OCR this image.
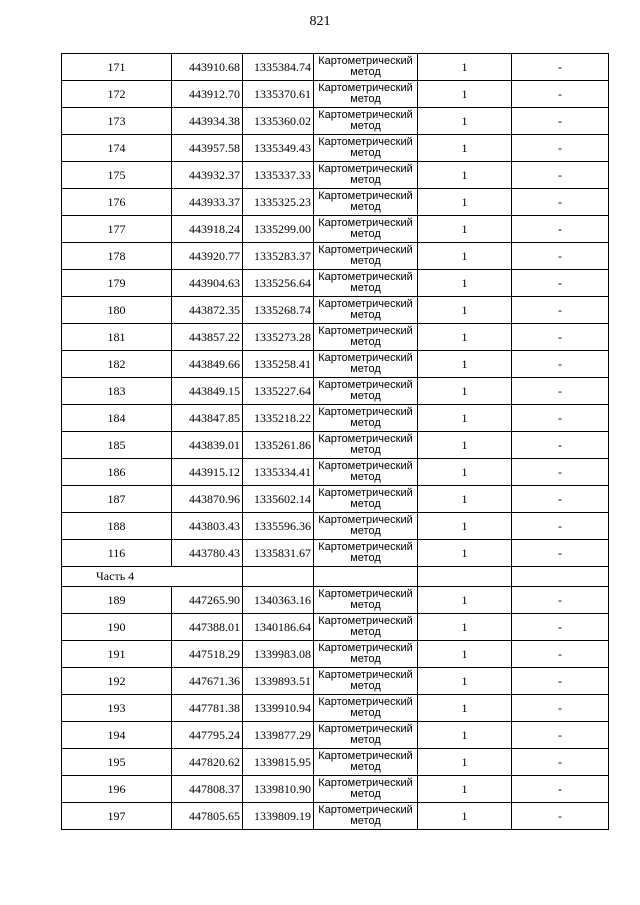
821
171	443910.68	1335384.74	Картометрический метод	1	-
172	443912.70	1335370.61	Картометрический метод	1	-
173	443934.38	1335360.02	Картометрический метод	1	-
174	443957.58	1335349.43	Картометрический метод	1	-
175	443932.37	1335337.33	Картометрический метод	1	-
176	443933.37	1335325.23	Картометрический метод	1	-
177	443918.24	1335299.00	Картометрический метод	1	-
178	443920.77	1335283.37	Картометрический метод	1	-
179	443904.63	1335256.64	Картометрический метод	1	-
180	443872.35	1335268.74	Картометрический метод	1	-
181	443857.22	1335273.28	Картометрический метод	1	-
182	443849.66	1335258.41	Картометрический метод	1	-
183	443849.15	1335227.64	Картометрический метод	1	-
184	443847.85	1335218.22	Картометрический метод	1	-
185	443839.01	1335261.86	Картометрический метод	1	-
186	443915.12	1335334.41	Картометрический метод	1	-
187	443870.96	1335602.14	Картометрический метод	1	-
188	443803.43	1335596.36	Картометрический метод	1	-
116	443780.43	1335831.67	Картометрический метод	1	-
Часть 4					
189	447265.90	1340363.16	Картометрический метод	1	-
190	447388.01	1340186.64	Картометрический метод	1	-
191	447518.29	1339983.08	Картометрический метод	1	-
192	447671.36	1339893.51	Картометрический метод	1	-
193	447781.38	1339910.94	Картометрический метод	1	-
194	447795.24	1339877.29	Картометрический метод	1	-
195	447820.62	1339815.95	Картометрический метод	1	-
196	447808.37	1339810.90	Картометрический метод	1	-
197	447805.65	1339809.19	Картометрический метод	1	-
